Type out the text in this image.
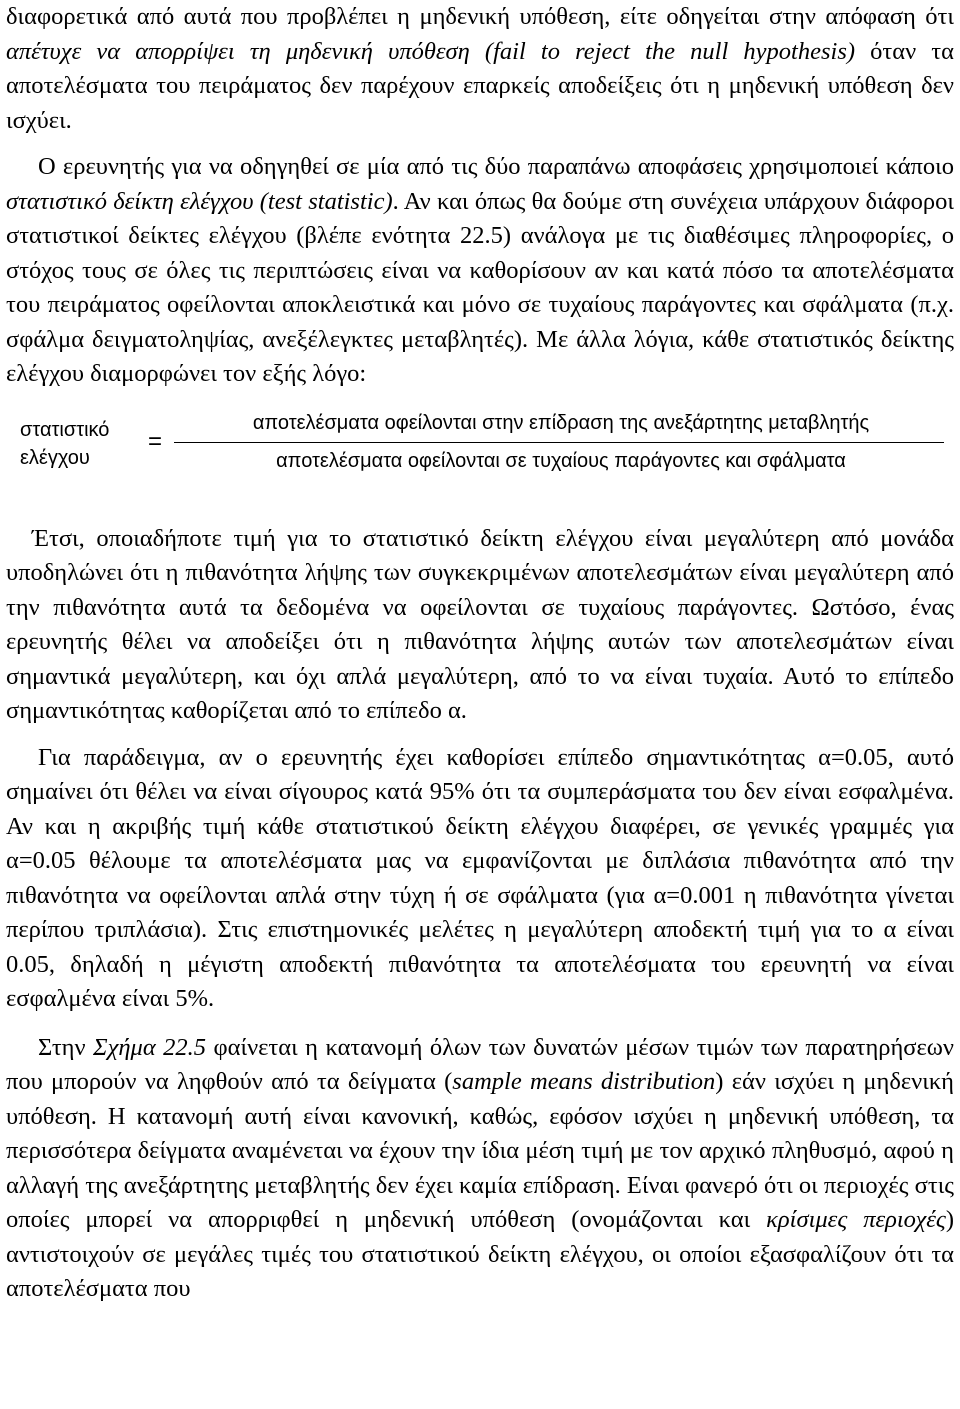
διαφορετικά από αυτά που προβλέπει η μηδενική υπόθεση, είτε οδηγείται στην απόφαση ότι απέτυχε να απορρίψει τη μηδενική υπόθεση (fail to reject the null hypothesis) όταν τα αποτελέσματα του πειράματος δεν παρέχουν επαρκείς αποδείξεις ότι η μηδενική υπόθεση δεν ισχύει.

Ο ερευνητής για να οδηγηθεί σε μία από τις δύο παραπάνω αποφάσεις χρησιμοποιεί κάποιο στατιστικό δείκτη ελέγχου (test statistic). Αν και όπως θα δούμε στη συνέχεια υπάρχουν διάφοροι στατιστικοί δείκτες ελέγχου (βλέπε ενότητα 22.5) ανάλογα με τις διαθέσιμες πληροφορίες, ο στόχος τους σε όλες τις περιπτώσεις είναι να καθορίσουν αν και κατά πόσο τα αποτελέσματα του πειράματος οφείλονται αποκλειστικά και μόνο σε τυχαίους παράγοντες και σφάλματα (π.χ. σφάλμα δειγματοληψίας, ανεξέλεγκτες μεταβλητές). Με άλλα λόγια, κάθε στατιστικός δείκτης ελέγχου διαμορφώνει τον εξής λόγο:

στατιστικό
ελέγχου
=
αποτελέσματα οφείλονται στην επίδραση της ανεξάρτητης μεταβλητής
αποτελέσματα οφείλονται σε τυχαίους παράγοντες και σφάλματα

Έτσι, οποιαδήποτε τιμή για το στατιστικό δείκτη ελέγχου είναι μεγαλύτερη από μονάδα υποδηλώνει ότι η πιθανότητα λήψης των συγκεκριμένων αποτελεσμάτων είναι μεγαλύτερη από την πιθανότητα αυτά τα δεδομένα να οφείλονται σε τυχαίους παράγοντες. Ωστόσο, ένας ερευνητής θέλει να αποδείξει ότι η πιθανότητα λήψης αυτών των αποτελεσμάτων είναι σημαντικά μεγαλύτερη, και όχι απλά μεγαλύτερη, από το να είναι τυχαία. Αυτό το επίπεδο σημαντικότητας καθορίζεται από το επίπεδο α.

Για παράδειγμα, αν ο ερευνητής έχει καθορίσει επίπεδο σημαντικότητας α=0.05, αυτό σημαίνει ότι θέλει να είναι σίγουρος κατά 95% ότι τα συμπεράσματα του δεν είναι εσφαλμένα. Αν και η ακριβής τιμή κάθε στατιστικού δείκτη ελέγχου διαφέρει, σε γενικές γραμμές για α=0.05 θέλουμε τα αποτελέσματα μας να εμφανίζονται με διπλάσια πιθανότητα από την πιθανότητα να οφείλονται απλά στην τύχη ή σε σφάλματα (για α=0.001 η πιθανότητα γίνεται περίπου τριπλάσια). Στις επιστημονικές μελέτες η μεγαλύτερη αποδεκτή τιμή για το α είναι 0.05, δηλαδή η μέγιστη αποδεκτή πιθανότητα τα αποτελέσματα του ερευνητή να είναι εσφαλμένα είναι 5%.

Στην Σχήμα 22.5 φαίνεται η κατανομή όλων των δυνατών μέσων τιμών των παρατηρήσεων που μπορούν να ληφθούν από τα δείγματα (sample means distribution) εάν ισχύει η μηδενική υπόθεση. Η κατανομή αυτή είναι κανονική, καθώς, εφόσον ισχύει η μηδενική υπόθεση, τα περισσότερα δείγματα αναμένεται να έχουν την ίδια μέση τιμή με τον αρχικό πληθυσμό, αφού η αλλαγή της ανεξάρτητης μεταβλητής δεν έχει καμία επίδραση. Είναι φανερό ότι οι περιοχές στις οποίες μπορεί να απορριφθεί η μηδενική υπόθεση (ονομάζονται και κρίσιμες περιοχές) αντιστοιχούν σε μεγάλες τιμές του στατιστικού δείκτη ελέγχου, οι οποίοι εξασφαλίζουν ότι τα αποτελέσματα που
